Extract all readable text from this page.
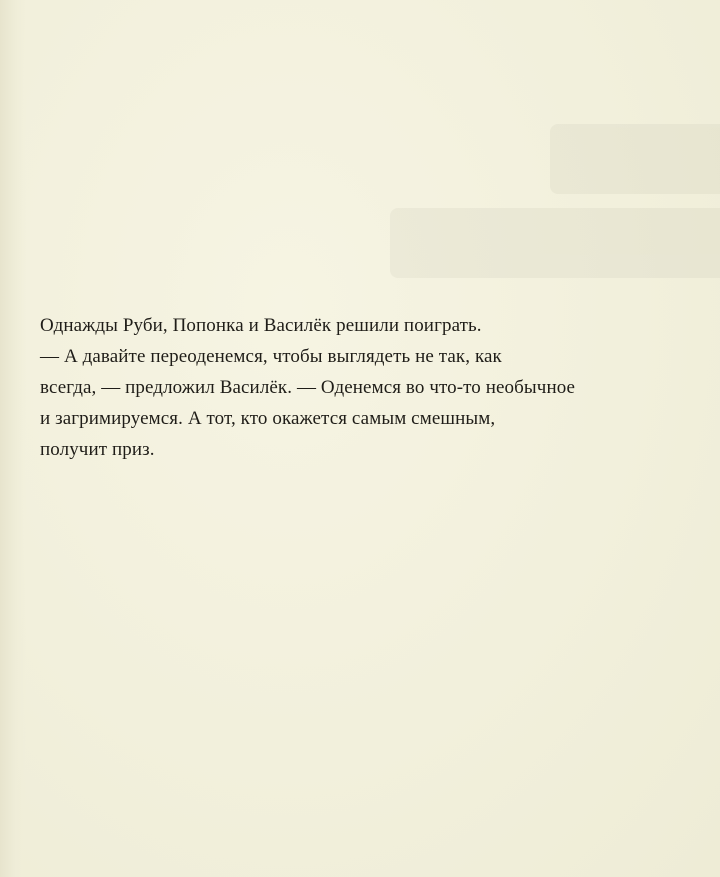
Однажды Руби, Попонка и Василёк решили поиграть.

— А давайте переоденемся, чтобы выглядеть не так, как

всегда, — предложил Василёк. — Оденемся во что-то необычное

и загримируемся. А тот, кто окажется самым смешным,

получит приз.
